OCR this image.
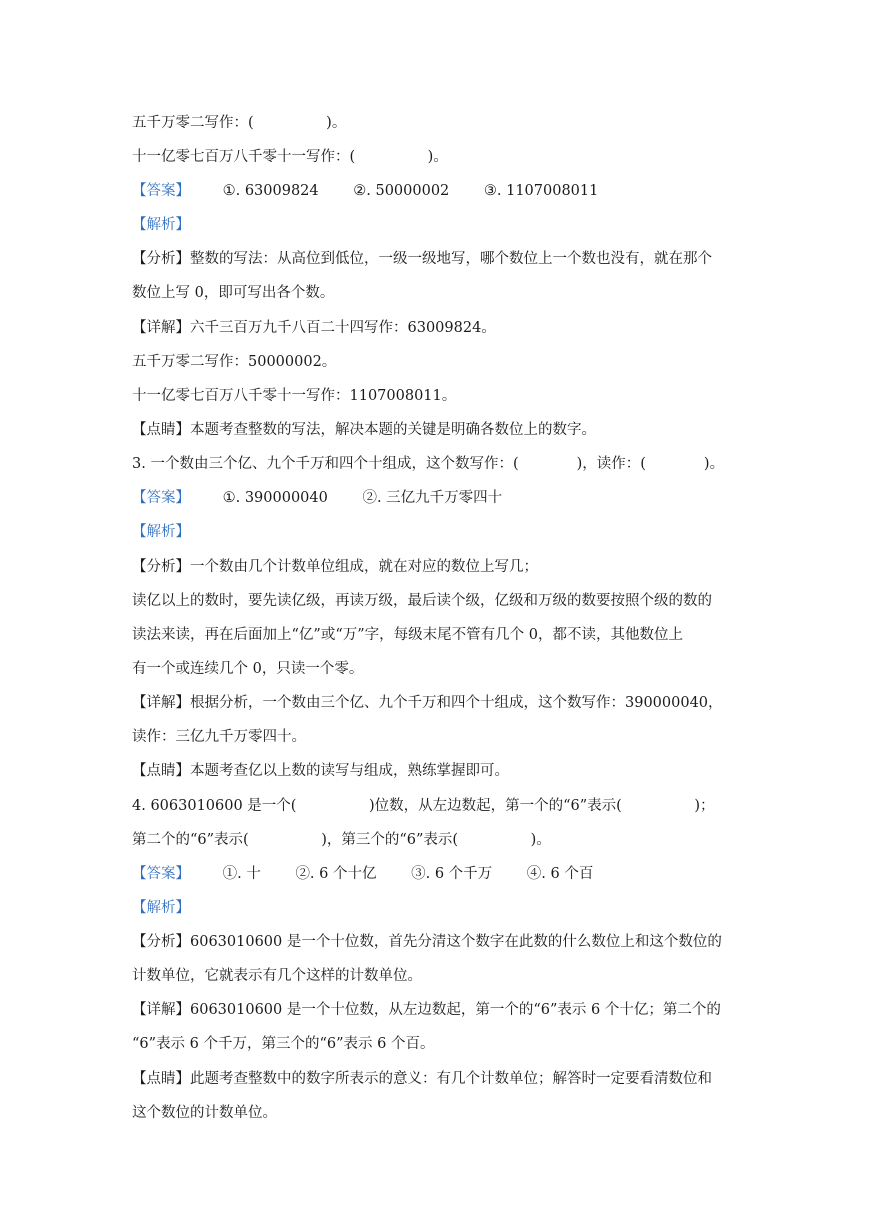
五千万零二写作：(　　　　　)。
十一亿零七百万八千零十一写作：(　　　　　)。
【答案】 ①. 63009824 ②. 50000002 ③. 1107008011
【解析】
【分析】整数的写法：从高位到低位，一级一级地写，哪个数位上一个数也没有，就在那个
数位上写 0，即可写出各个数。
【详解】六千三百万九千八百二十四写作：63009824。
五千万零二写作：50000002。
十一亿零七百万八千零十一写作：1107008011。
【点睛】本题考查整数的写法，解决本题的关键是明确各数位上的数字。
3. 一个数由三个亿、九个千万和四个十组成，这个数写作：(　　　　)，读作：(　　　　)。
【答案】 ①. 390000040 ②. 三亿九千万零四十
【解析】
【分析】一个数由几个计数单位组成，就在对应的数位上写几；
读亿以上的数时，要先读亿级，再读万级，最后读个级，亿级和万级的数要按照个级的数的
读法来读，再在后面加上“亿”或“万”字，每级末尾不管有几个 0，都不读，其他数位上
有一个或连续几个 0，只读一个零。
【详解】根据分析，一个数由三个亿、九个千万和四个十组成，这个数写作：390000040，
读作：三亿九千万零四十。
【点睛】本题考查亿以上数的读写与组成，熟练掌握即可。
4. 6063010600 是一个(　　　　　)位数，从左边数起，第一个的“6”表示(　　　　　)；
第二个的“6”表示(　　　　　)，第三个的“6”表示(　　　　　)。
【答案】 ①. 十 ②. 6 个十亿 ③. 6 个千万 ④. 6 个百
【解析】
【分析】6063010600 是一个十位数，首先分清这个数字在此数的什么数位上和这个数位的
计数单位，它就表示有几个这样的计数单位。
【详解】6063010600 是一个十位数，从左边数起，第一个的“6”表示 6 个十亿；第二个的
“6”表示 6 个千万，第三个的“6”表示 6 个百。
【点睛】此题考查整数中的数字所表示的意义：有几个计数单位；解答时一定要看清数位和
这个数位的计数单位。
